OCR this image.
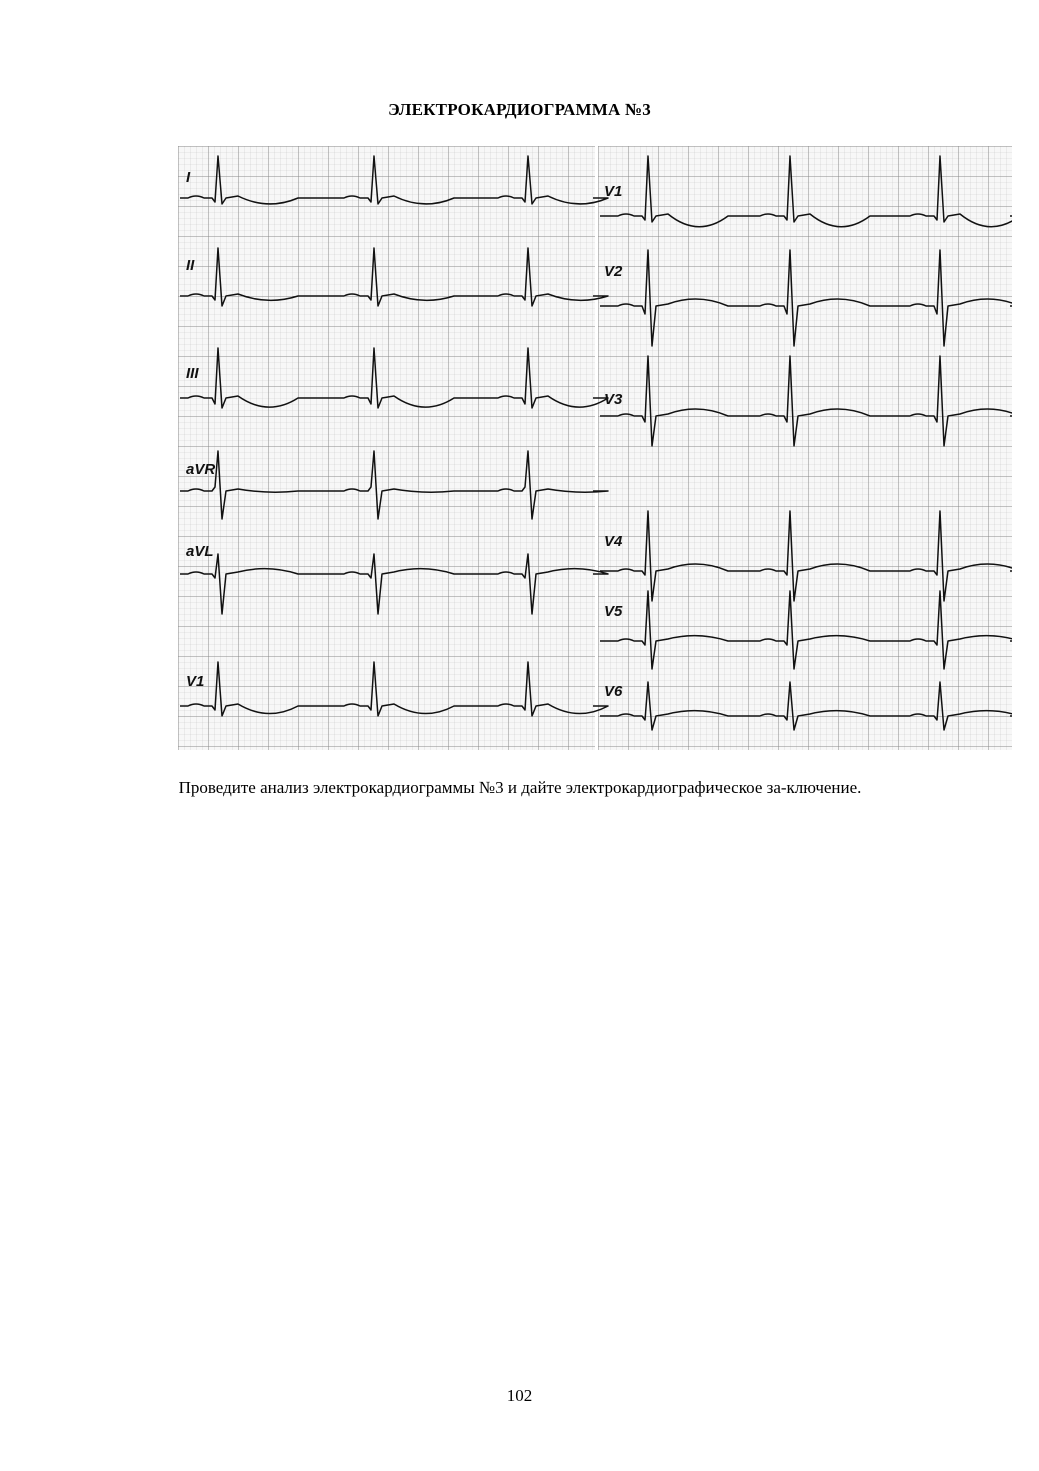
ЭЛЕКТРОКАРДИОГРАММА №3
I
II
III
aVR
aVL
V1
V1
V2
V3
V4
V5
V6
Проведите анализ электрокардиограммы №3 и дайте электрокардиографическое за-ключение.
102
